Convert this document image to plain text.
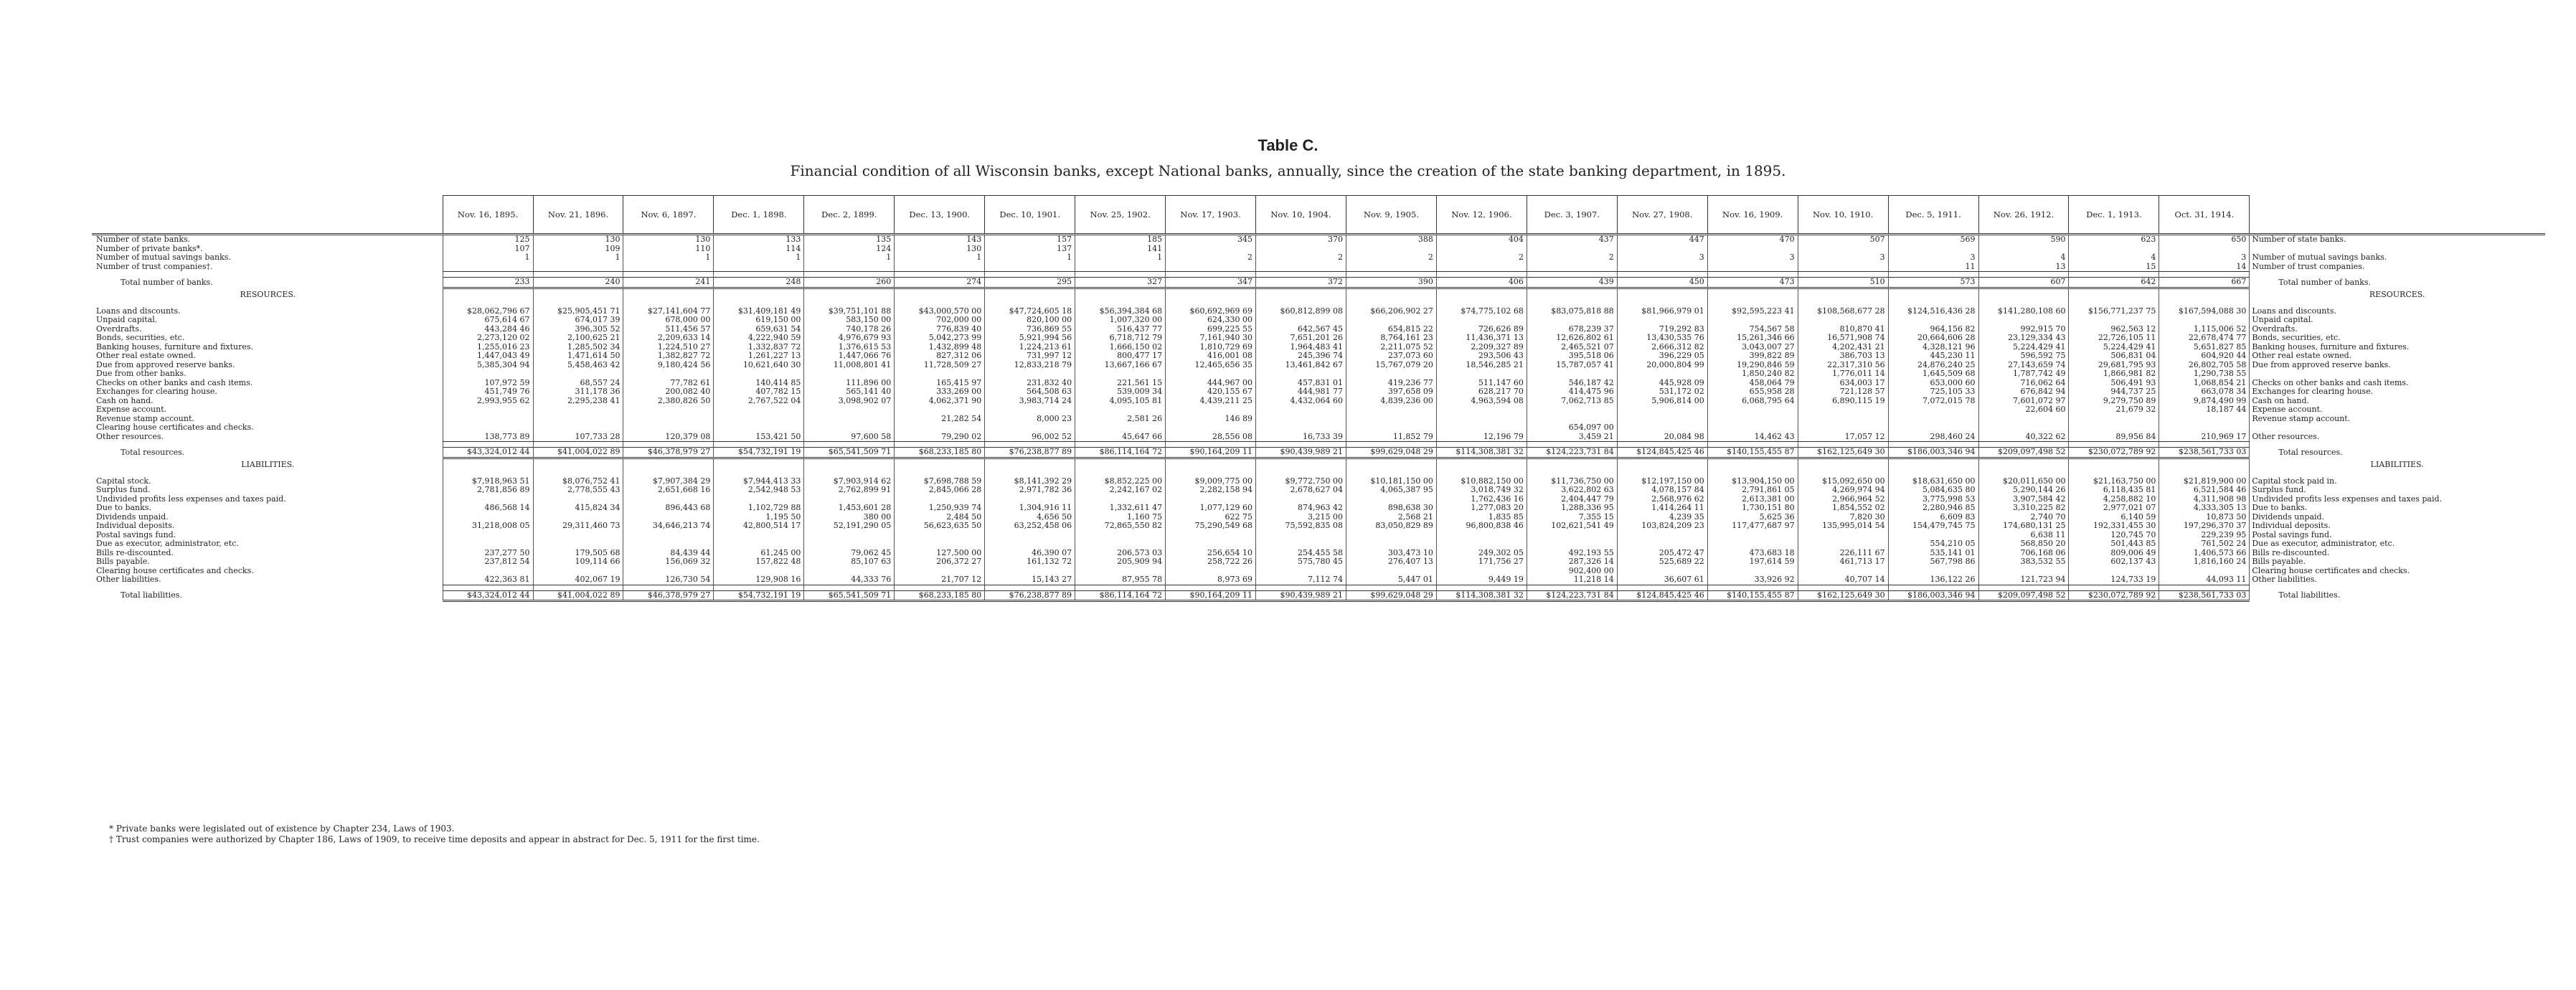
Table C.
Financial condition of all Wisconsin banks, except National banks, annually, since the creation of the state banking department, in 1895.
	Nov. 16, 1895.	Nov. 21, 1896.	Nov. 6, 1897.	Dec. 1, 1898.	Dec. 2, 1899.	Dec. 13, 1900.	Dec. 10, 1901.	Nov. 25, 1902.	Nov. 17, 1903.	Nov. 10, 1904.	Nov. 9, 1905.	Nov. 12, 1906.	Dec. 3, 1907.	Nov. 27, 1908.	Nov. 16, 1909.	Nov. 10, 1910.	Dec. 5, 1911.	Nov. 26, 1912.	Dec. 1, 1913.	Oct. 31, 1914.	
Number of state banks.	125	130	130	133	135	143	157	185	345	370	388	404	437	447	470	507	569	590	623	650	Number of state banks.
Number of private banks*.	107	109	110	114	124	130	137	141													
Number of mutual savings banks.	1	1	1	1	1	1	1	1	2	2	2	2	2	3	3	3	3	4	4	3	Number of mutual savings banks.
Number of trust companies†.																	11	13	15	14	Number of trust companies.

Total number of banks.	233	240	241	248	260	274	295	327	347	372	390	406	439	450	473	510	573	607	642	667	Total number of banks.
RESOURCES.																					RESOURCES.

Loans and discounts.	$28,062,796 67	$25,905,451 71	$27,141,604 77	$31,409,181 49	$39,751,101 88	$43,000,570 00	$47,724,605 18	$56,394,384 68	$60,692,969 69	$60,812,899 08	$66,206,902 27	$74,775,102 68	$83,075,818 88	$81,966,979 01	$92,595,223 41	$108,568,677 28	$124,516,436 28	$141,280,108 60	$156,771,237 75	$167,594,088 30	Loans and discounts.
Unpaid capital.	675,614 67	674,017 39	678,000 00	619,150 00	583,150 00	702,000 00	820,100 00	1,007,320 00	624,330 00												Unpaid capital.
Overdrafts.	443,284 46	396,305 52	511,456 57	659,631 54	740,178 26	776,839 40	736,869 55	516,437 77	699,225 55	642,567 45	654,815 22	726,626 89	678,239 37	719,292 83	754,567 58	810,870 41	964,156 82	992,915 70	962,563 12	1,115,006 52	Overdrafts.
Bonds, securities, etc.	2,273,120 02	2,100,625 21	2,209,633 14	4,222,940 59	4,976,679 93	5,042,273 99	5,921,994 56	6,718,712 79	7,161,940 30	7,651,201 26	8,764,161 23	11,436,371 13	12,626,802 61	13,430,535 76	15,261,346 66	16,571,908 74	20,664,606 28	23,129,334 43	22,726,105 11	22,678,474 77	Bonds, securities, etc.
Banking houses, furniture and fixtures.	1,255,016 23	1,285,502 34	1,224,510 27	1,332,837 72	1,376,615 53	1,432,899 48	1,224,213 61	1,666,150 02	1,810,729 69	1,964,483 41	2,211,075 52	2,209,327 89	2,465,521 07	2,666,312 82	3,043,007 27	4,202,431 21	4,328,121 96	5,224,429 41	5,224,429 41	5,651,827 85	Banking houses, furniture and fixtures.
Other real estate owned.	1,447,043 49	1,471,614 50	1,382,827 72	1,261,227 13	1,447,066 76	827,312 06	731,997 12	800,477 17	416,001 08	245,396 74	237,073 60	293,506 43	395,518 06	396,229 05	399,822 89	386,703 13	445,230 11	596,592 75	506,831 04	604,920 44	Other real estate owned.
Due from approved reserve banks.	5,385,304 94	5,458,463 42	9,180,424 56	10,621,640 30	11,008,801 41	11,728,509 27	12,833,218 79	13,667,166 67	12,465,656 35	13,461,842 67	15,767,079 20	18,546,285 21	15,787,057 41	20,000,804 99	19,290,846 59	22,317,310 56	24,876,240 25	27,143,659 74	29,681,795 93	26,802,705 58	Due from approved reserve banks.
Due from other banks.															1,850,240 82	1,776,011 14	1,645,509 68	1,787,742 49	1,866,981 82	1,290,738 55	
Checks on other banks and cash items.	107,972 59	68,557 24	77,782 61	140,414 85	111,896 00	165,415 97	231,832 40	221,561 15	444,967 00	457,831 01	419,236 77	511,147 60	546,187 42	445,928 09	458,064 79	634,003 17	653,000 60	716,062 64	506,491 93	1,068,854 21	Checks on other banks and cash items.
Exchanges for clearing house.	451,749 76	311,178 36	200,082 40	407,782 15	565,141 40	333,269 00	564,508 63	539,009 34	420,155 67	444,981 77	397,658 09	628,217 70	414,475 96	531,172 02	655,958 28	721,128 57	725,105 33	676,842 94	944,737 25	663,078 34	Exchanges for clearing house.
Cash on hand.	2,993,955 62	2,295,238 41	2,380,826 50	2,767,522 04	3,098,902 07	4,062,371 90	3,983,714 24	4,095,105 81	4,439,211 25	4,432,064 60	4,839,236 00	4,963,594 08	7,062,713 85	5,906,814 00	6,068,795 64	6,890,115 19	7,072,015 78	7,601,072 97	9,279,750 89	9,874,490 99	Cash on hand.
Expense account.																		22,604 60	21,679 32	18,187 44	Expense account.
Revenue stamp account.						21,282 54	8,000 23	2,581 26	146 89												Revenue stamp account.
Clearing house certificates and checks.													654,097 00								
Other resources.	138,773 89	107,733 28	120,379 08	153,421 50	97,600 58	79,290 02	96,002 52	45,647 66	28,556 08	16,733 39	11,852 79	12,196 79	3,459 21	20,084 98	14,462 43	17,057 12	298,460 24	40,322 62	89,956 84	210,969 17	Other resources.

Total resources.	$43,324,012 44	$41,004,022 89	$46,378,979 27	$54,732,191 19	$65,541,509 71	$68,233,185 80	$76,238,877 89	$86,114,164 72	$90,164,209 11	$90,439,989 21	$99,629,048 29	$114,308,381 32	$124,223,731 84	$124,845,425 46	$140,155,455 87	$162,125,649 30	$186,003,346 94	$209,097,498 52	$230,072,789 92	$238,561,733 03	Total resources.
LIABILITIES.																					LIABILITIES.

Capital stock.	$7,918,963 51	$8,076,752 41	$7,907,384 29	$7,944,413 33	$7,903,914 62	$7,698,788 59	$8,141,392 29	$8,852,225 00	$9,009,775 00	$9,772,750 00	$10,181,150 00	$10,882,150 00	$11,736,750 00	$12,197,150 00	$13,904,150 00	$15,092,650 00	$18,631,650 00	$20,011,650 00	$21,163,750 00	$21,819,900 00	Capital stock paid in.
Surplus fund.	2,781,856 89	2,778,555 43	2,651,668 16	2,542,948 53	2,762,899 91	2,845,066 28	2,971,782 36	2,242,167 02	2,282,158 94	2,678,627 04	4,065,387 95	3,018,749 32	3,622,802 63	4,078,157 84	2,791,861 05	4,269,974 94	5,084,635 80	5,290,144 26	6,118,435 81	6,521,584 46	Surplus fund.
Undivided profits less expenses and taxes paid.												1,762,436 16	2,404,447 79	2,568,976 62	2,613,381 00	2,966,964 52	3,775,998 53	3,907,584 42	4,258,882 10	4,311,908 98	Undivided profits less expenses and taxes paid.
Due to banks.	486,568 14	415,824 34	896,443 68	1,102,729 88	1,453,601 28	1,250,939 74	1,304,916 11	1,332,611 47	1,077,129 60	874,963 42	898,638 30	1,277,083 20	1,288,336 95	1,414,264 11	1,730,151 80	1,854,552 02	2,280,946 85	3,310,225 82	2,977,021 07	4,333,305 13	Due to banks.
Dividends unpaid.				1,195 50	380 00	2,484 50	4,656 50	1,160 75	622 75	3,215 00	2,568 21	1,835 85	7,355 15	4,239 35	5,625 36	7,820 30	6,609 83	2,740 70	6,140 59	10,873 50	Dividends unpaid.
Individual deposits.	31,218,008 05	29,311,460 73	34,646,213 74	42,800,514 17	52,191,290 05	56,623,635 50	63,252,458 06	72,865,550 82	75,290,549 68	75,592,835 08	83,050,829 89	96,800,838 46	102,621,541 49	103,824,209 23	117,477,687 97	135,995,014 54	154,479,745 75	174,680,131 25	192,331,455 30	197,296,370 37	Individual deposits.
Postal savings fund.																		6,638 11	120,745 70	229,239 95	Postal savings fund.
Due as executor, administrator, etc.																	554,210 05	568,850 20	501,443 85	761,502 24	Due as executor, administrator, etc.
Bills re-discounted.	237,277 50	179,505 68	84,439 44	61,245 00	79,062 45	127,500 00	46,390 07	206,573 03	256,654 10	254,455 58	303,473 10	249,302 05	492,193 55	205,472 47	473,683 18	226,111 67	535,141 01	706,168 06	809,006 49	1,406,573 66	Bills re-discounted.
Bills payable.	237,812 54	109,114 66	156,069 32	157,822 48	85,107 63	206,372 27	161,132 72	205,909 94	258,722 26	575,780 45	276,407 13	171,756 27	287,326 14	525,689 22	197,614 59	461,713 17	567,798 86	383,532 55	602,137 43	1,816,160 24	Bills payable.
Clearing house certificates and checks.													902,400 00								Clearing house certificates and checks.
Other liabilities.	422,363 81	402,067 19	126,730 54	129,908 16	44,333 76	21,707 12	15,143 27	87,955 78	8,973 69	7,112 74	5,447 01	9,449 19	11,218 14	36,607 61	33,926 92	40,707 14	136,122 26	121,723 94	124,733 19	44,093 11	Other liabilities.

Total liabilities.	$43,324,012 44	$41,004,022 89	$46,378,979 27	$54,732,191 19	$65,541,509 71	$68,233,185 80	$76,238,877 89	$86,114,164 72	$90,164,209 11	$90,439,989 21	$99,629,048 29	$114,308,381 32	$124,223,731 84	$124,845,425 46	$140,155,455 87	$162,125,649 30	$186,003,346 94	$209,097,498 52	$230,072,789 92	$238,561,733 03	Total liabilities.
* Private banks were legislated out of existence by Chapter 234, Laws of 1903.
† Trust companies were authorized by Chapter 186, Laws of 1909, to receive time deposits and appear in abstract for Dec. 5, 1911 for the first time.
